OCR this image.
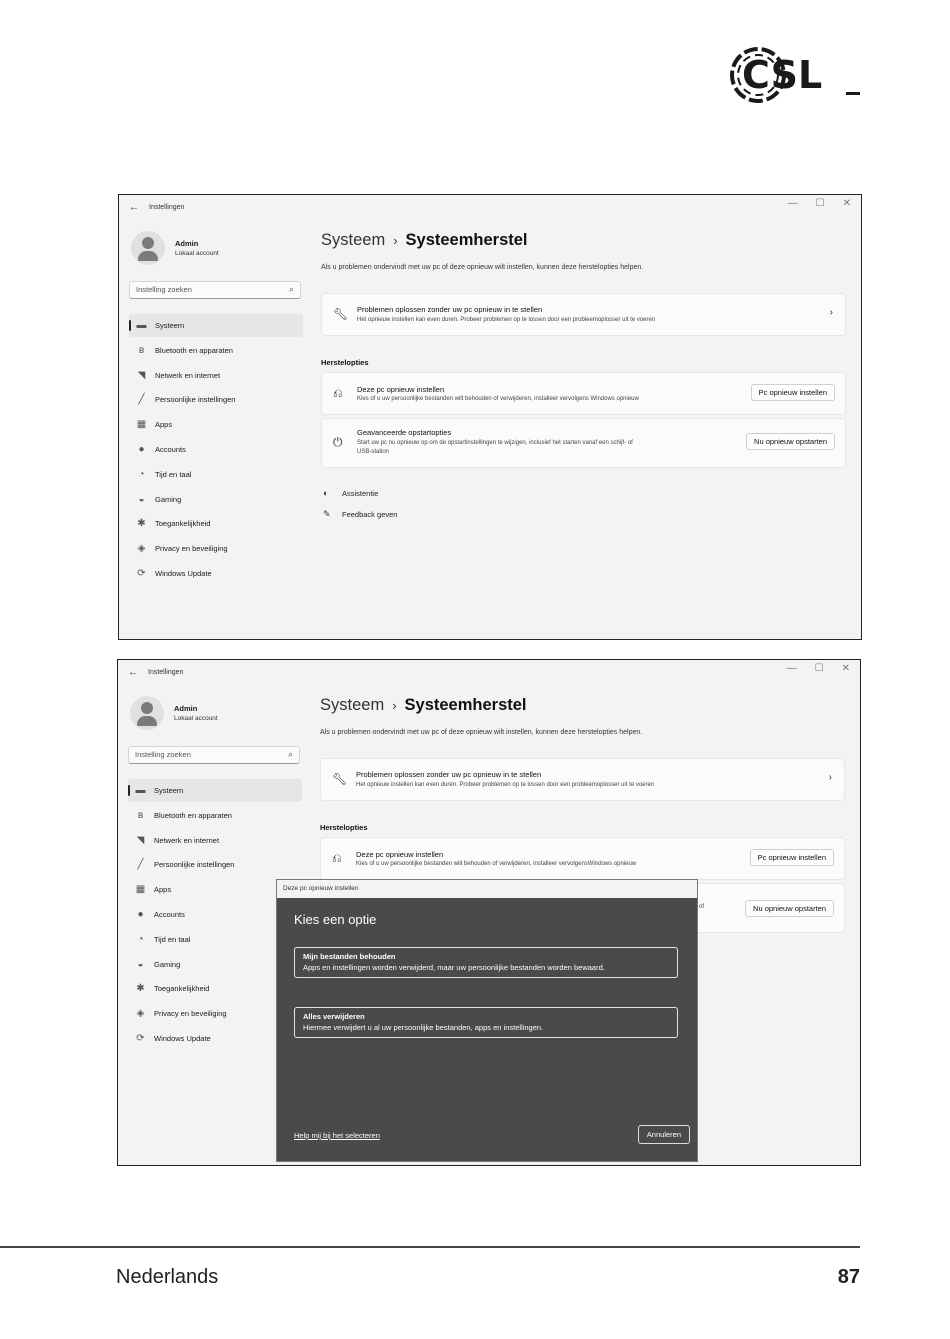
CSL
← Instellingen	— ☐ ✕
Admin
Lokaal account
Instelling zoeken	⌕
▬ Systeem
ʙ	Bluetooth en apparaten
◥ Netwerk en internet
╱	Persoonlijke instellingen
▦ Apps
●	Accounts
◔	Tijd en taal
◒	Gaming
✱ Toegankelijkheid
◈ Privacy en beveiliging
⟳ Windows Update
Systeem › Systeemherstel
Als u problemen ondervindt met uw pc of deze opnieuw wilt instellen, kunnen deze herstelopties helpen.
🔧︎ Problemen oplossen zonder uw pc opnieuw in te stellen
Het opnieuw instellen kan even duren. Probeer problemen op te lossen door een probleemoplosser uit te voeren
›
Herstelopties
⎌ Deze pc opnieuw instellen
Kies of u uw persoonlijke bestanden wilt behouden of verwijderen, installeer vervolgens Windows opnieuw
Pc opnieuw instellen
⏻
Geavanceerde opstartopties
Start uw pc nu opnieuw op om de opstartinstellingen te wijzigen, inclusief het starten vanaf een schijf- of
USB-station
Nu opnieuw opstarten
◐	Assistentie
✎	Feedback geven
← Instellingen	— ☐ ✕
Admin
Lokaal account
Instelling zoeken	⌕
▬ Systeem
ʙ	Bluetooth en apparaten
◥ Netwerk en internet
╱	Persoonlijke instellingen
▦ Apps
●	Accounts
◔	Tijd en taal
◒	Gaming
✱ Toegankelijkheid
◈ Privacy en beveiliging
⟳ Windows Update
Systeem › Systeemherstel
Als u problemen ondervindt met uw pc of deze opnieuw wilt instellen, kunnen deze herstelopties helpen.
🔧︎ Problemen oplossen zonder uw pc opnieuw in te stellen
Het opnieuw instellen kan even duren. Probeer problemen op te lossen door een probleemoplosser uit te voeren
›
Herstelopties
⎌ Deze pc opnieuw instellen
Kies of u uw persoonlijke bestanden wilt behouden of verwijderen, installeer vervolgensWindows opnieuw
Pc opnieuw instellen
of	Nu opnieuw opstarten
Deze pc opnieuw instellen
Kies een optie
Mijn bestanden behouden
Apps en instellingen worden verwijderd, maar uw persoonlijke bestanden worden bewaard.
Alles verwijderen
Hiermee verwijdert u al uw persoonlijke bestanden, apps en instellingen.
Help mij bij het selecteren	Annuleren
Nederlands	87
